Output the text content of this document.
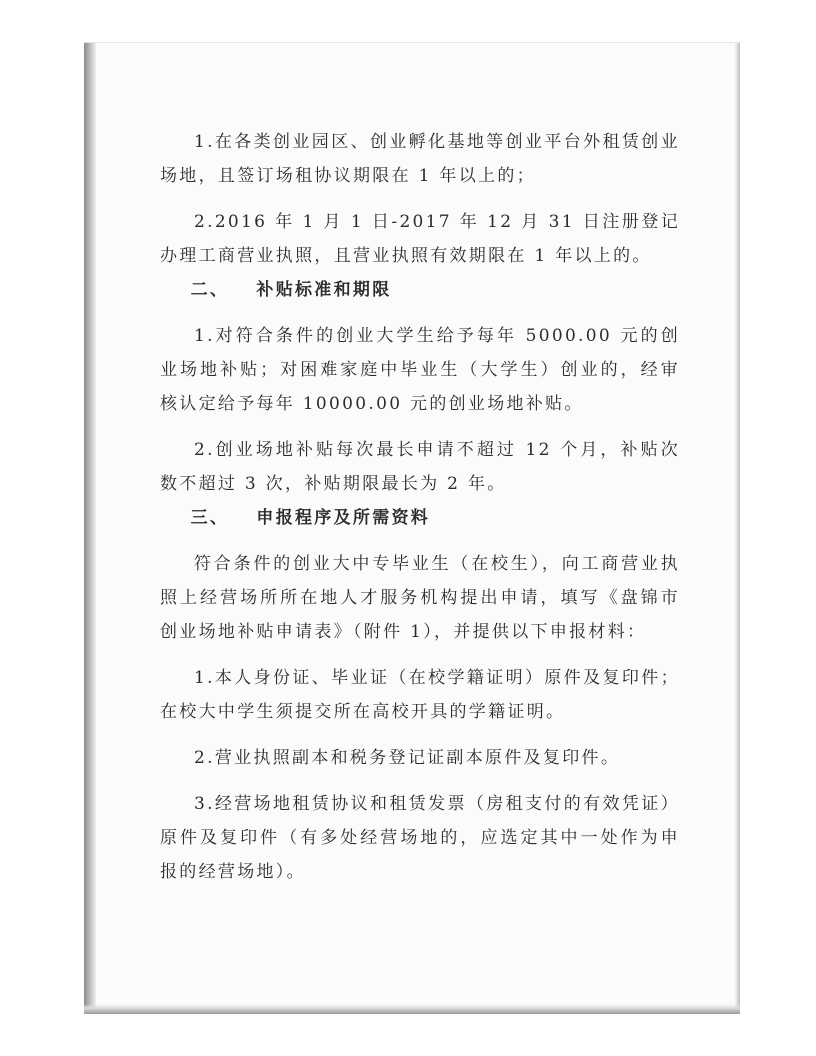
1.在各类创业园区、创业孵化基地等创业平台外租赁创业场地，且签订场租协议期限在 1 年以上的；

2.2016 年 1 月 1 日-2017 年 12 月 31 日注册登记办理工商营业执照，且营业执照有效期限在 1 年以上的。

二、 补贴标准和期限

1.对符合条件的创业大学生给予每年 5000.00 元的创业场地补贴；对困难家庭中毕业生（大学生）创业的，经审核认定给予每年 10000.00 元的创业场地补贴。

2.创业场地补贴每次最长申请不超过 12 个月，补贴次数不超过 3 次，补贴期限最长为 2 年。

三、 申报程序及所需资料

符合条件的创业大中专毕业生（在校生），向工商营业执照上经营场所所在地人才服务机构提出申请，填写《盘锦市创业场地补贴申请表》（附件 1），并提供以下申报材料：

1.本人身份证、毕业证（在校学籍证明）原件及复印件；在校大中学生须提交所在高校开具的学籍证明。

2.营业执照副本和税务登记证副本原件及复印件。

3.经营场地租赁协议和租赁发票（房租支付的有效凭证）原件及复印件（有多处经营场地的，应选定其中一处作为申报的经营场地）。
